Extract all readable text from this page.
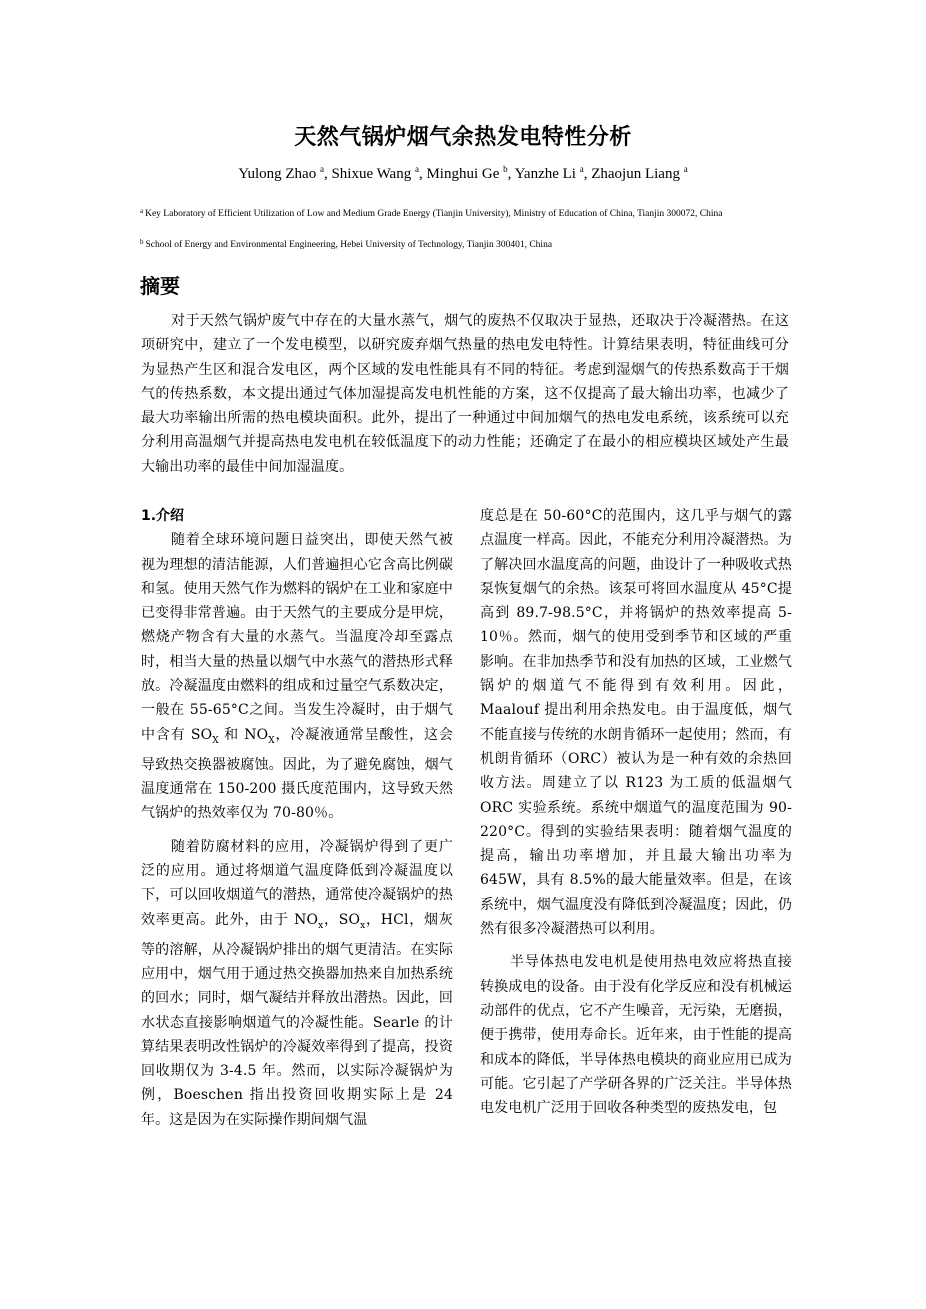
天然气锅炉烟气余热发电特性分析
Yulong Zhao $^a$, Shixue Wang $^a$, Minghui Ge $^b$, Yanzhe Li $^a$, Zhaojun Liang $^a$
$^a$ Key Laboratory of Efficient Utilization of Low and Medium Grade Energy (Tianjin University), Ministry of Education of China, Tianjin 300072, China
$^b$ School of Energy and Environmental Engineering, Hebei University of Technology, Tianjin 300401, China
摘要

对于天然气锅炉废气中存在的大量水蒸气，烟气的废热不仅取决于显热，还取决于冷凝潜热。在这项研究中，建立了一个发电模型，以研究废弃烟气热量的热电发电特性。计算结果表明，特征曲线可分为显热产生区和混合发电区，两个区域的发电性能具有不同的特征。考虑到湿烟气的传热系数高于干烟气的传热系数，本文提出通过气体加湿提高发电机性能的方案，这不仅提高了最大输出功率，也减少了最大功率输出所需的热电模块面积。此外，提出了一种通过中间加烟气的热电发电系统，该系统可以充分利用高温烟气并提高热电发电机在较低温度下的动力性能；还确定了在最小的相应模块区域处产生最大输出功率的最佳中间加湿温度。

1.介绍

随着全球环境问题日益突出，即使天然气被视为理想的清洁能源，人们普遍担心它含高比例碳和氢。使用天然气作为燃料的锅炉在工业和家庭中已变得非常普遍。由于天然气的主要成分是甲烷，燃烧产物含有大量的水蒸气。当温度冷却至露点时，相当大量的热量以烟气中水蒸气的潜热形式释放。冷凝温度由燃料的组成和过量空气系数决定，一般在 55-65°C之间。当发生冷凝时，由于烟气中含有 $SO_X$ 和 $NO_X$，冷凝液通常呈酸性，这会导致热交换器被腐蚀。因此，为了避免腐蚀，烟气温度通常在 150-200 摄氏度范围内，这导致天然气锅炉的热效率仅为 70-80％。

随着防腐材料的应用，冷凝锅炉得到了更广泛的应用。通过将烟道气温度降低到冷凝温度以下，可以回收烟道气的潜热，通常使冷凝锅炉的热效率更高。此外，由于 $NO_x$，$SO_x$，HCl，烟灰等的溶解，从冷凝锅炉排出的烟气更清洁。在实际应用中，烟气用于通过热交换器加热来自加热系统的回水；同时，烟气凝结并释放出潜热。因此，回水状态直接影响烟道气的冷凝性能。Searle 的计算结果表明改性锅炉的冷凝效率得到了提高，投资回收期仅为 3-4.5 年。然而，以实际冷凝锅炉为例，Boeschen 指出投资回收期实际上是 24 年。这是因为在实际操作期间烟气温

度总是在 50-60°C的范围内，这几乎与烟气的露点温度一样高。因此，不能充分利用冷凝潜热。为了解决回水温度高的问题，曲设计了一种吸收式热泵恢复烟气的余热。该泵可将回水温度从 45°C提高到 89.7-98.5°C，并将锅炉的热效率提高 5-10％。然而，烟气的使用受到季节和区域的严重影响。在非加热季节和没有加热的区域，工业燃气锅炉的烟道气不能得到有效利用。因此，Maalouf 提出利用余热发电。由于温度低，烟气不能直接与传统的水朗肯循环一起使用；然而，有机朗肯循环（ORC）被认为是一种有效的余热回收方法。周建立了以 R123 为工质的低温烟气 ORC 实验系统。系统中烟道气的温度范围为 90-220°C。得到的实验结果表明：随着烟气温度的提高，输出功率增加，并且最大输出功率为 645W，具有 8.5%的最大能量效率。但是，在该系统中，烟气温度没有降低到冷凝温度；因此，仍然有很多冷凝潜热可以利用。

半导体热电发电机是使用热电效应将热直接转换成电的设备。由于没有化学反应和没有机械运动部件的优点，它不产生噪音，无污染，无磨损，便于携带，使用寿命长。近年来，由于性能的提高和成本的降低，半导体热电模块的商业应用已成为可能。它引起了产学研各界的广泛关注。半导体热电发电机广泛用于回收各种类型的废热发电，包
